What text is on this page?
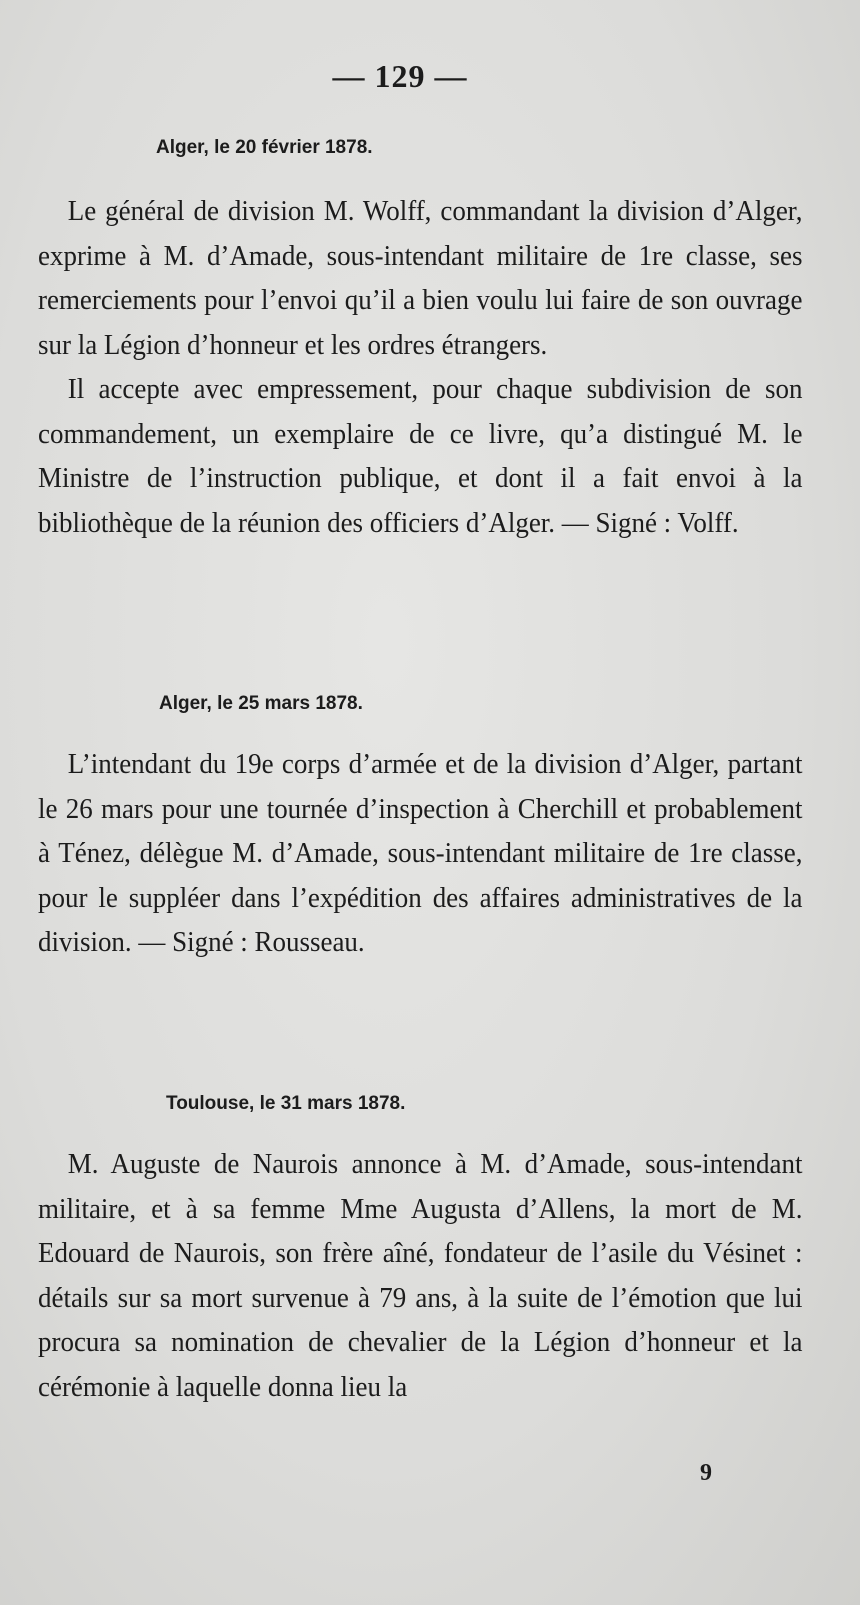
— 129 —

Alger, le 20 février 1878.

Le général de division M. Wolff, commandant la division d’Alger, exprime à M. d’Amade, sous-intendant militaire de 1re classe, ses remerciements pour l’envoi qu’il a bien voulu lui faire de son ouvrage sur la Légion d’honneur et les ordres étrangers.

Il accepte avec empressement, pour chaque subdivision de son commandement, un exemplaire de ce livre, qu’a distingué M. le Ministre de l’instruction publique, et dont il a fait envoi à la bibliothèque de la réunion des officiers d’Alger. — Signé : Volff.

Alger, le 25 mars 1878.

L’intendant du 19e corps d’armée et de la division d’Alger, partant le 26 mars pour une tournée d’inspection à Cherchill et probablement à Ténez, délègue M. d’Amade, sous-intendant militaire de 1re classe, pour le suppléer dans l’expédition des affaires administratives de la division. — Signé : Rousseau.

Toulouse, le 31 mars 1878.

M. Auguste de Naurois annonce à M. d’Amade, sous-intendant militaire, et à sa femme Mme Augusta d’Allens, la mort de M. Edouard de Naurois, son frère aîné, fondateur de l’asile du Vésinet : détails sur sa mort survenue à 79 ans, à la suite de l’émotion que lui procura sa nomination de chevalier de la Légion d’honneur et la cérémonie à laquelle donna lieu la

9
